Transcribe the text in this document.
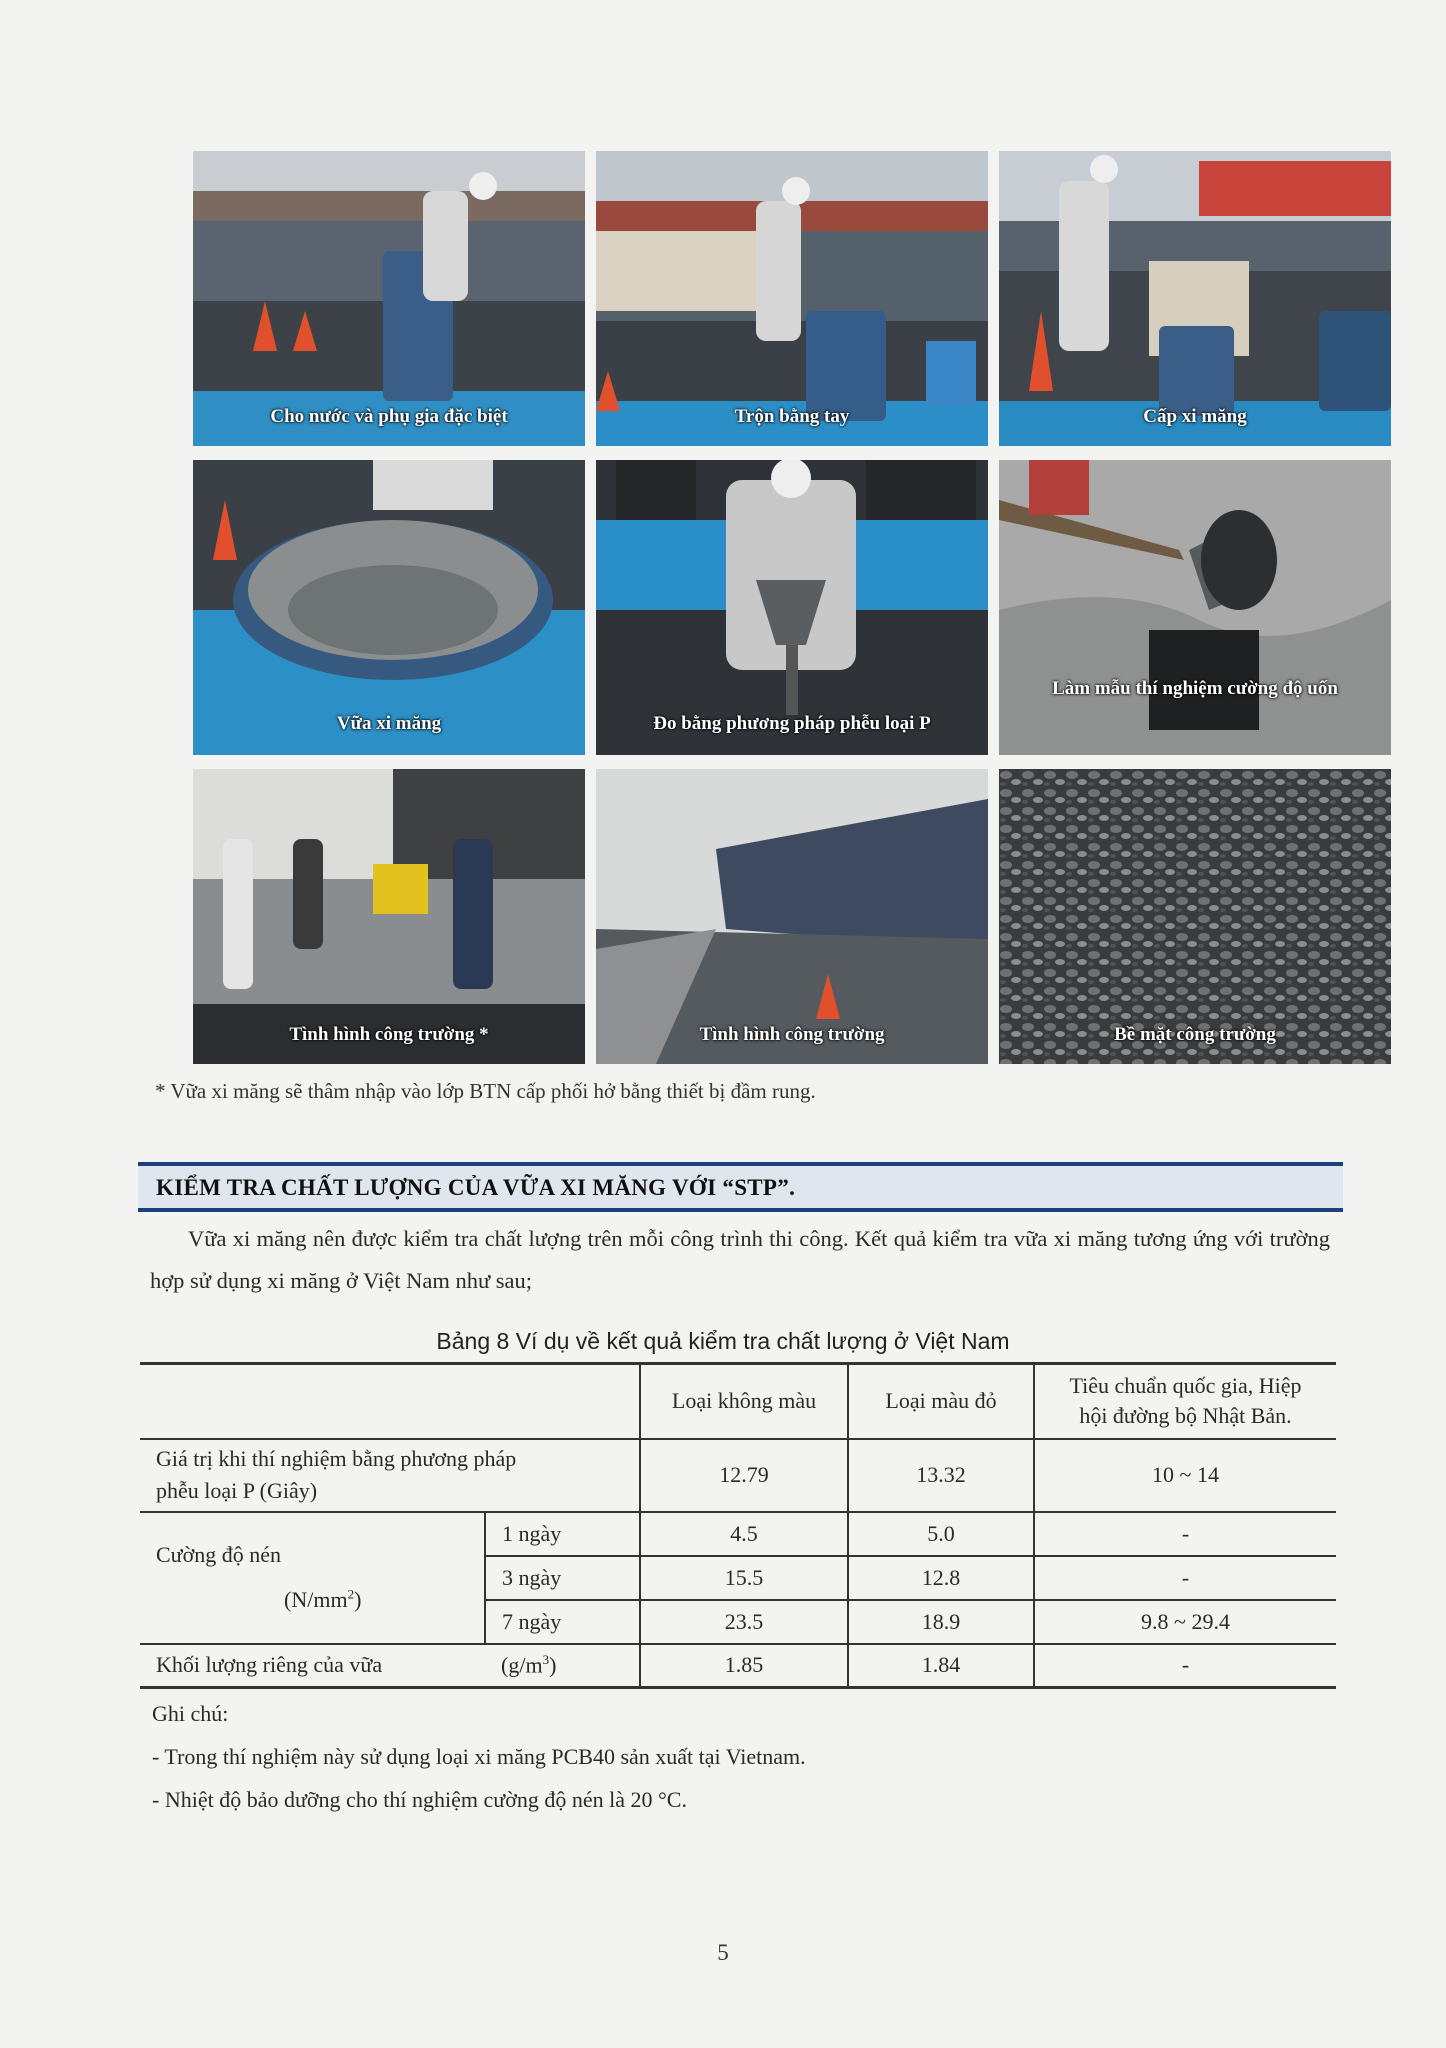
Cho nước và phụ gia đặc biệt	Trộn bằng tay	Cấp xi măng
Vữa xi măng	Đo bằng phương pháp phễu loại P
Làm mẫu thí nghiệm cường độ uốn
Tình hình công trường *	Tình hình công trường	Bề mặt công trường
* Vữa xi măng sẽ thâm nhập vào lớp BTN cấp phối hở bằng thiết bị đầm rung.
KIỂM TRA CHẤT LƯỢNG CỦA VỮA XI MĂNG VỚI “STP”.
Vữa xi măng nên được kiểm tra chất lượng trên mỗi công trình thi công. Kết quả kiểm tra vữa xi măng tương ứng với trường hợp sử dụng xi măng ở Việt Nam như sau;
Bảng 8 Ví dụ về kết quả kiểm tra chất lượng ở Việt Nam
		Loại không màu	Loại màu đỏ	Tiêu chuẩn quốc gia, Hiệp
hội đường bộ Nhật Bản.
Giá trị khi thí nghiệm bằng phương pháp
phễu loại P (Giây)		12.79	13.32	10 ~ 14
Cường độ nén
$(N/mm^2)$	1 ngày	4.5	5.0	-
	3 ngày	15.5	12.8	-
	7 ngày	23.5	18.9	9.8 ~ 29.4
Khối lượng riêng của vữa	$(g/m^3)$	1.85	1.84	-
Ghi chú:
- Trong thí nghiệm này sử dụng loại xi măng PCB40 sản xuất tại Vietnam.
- Nhiệt độ bảo dưỡng cho thí nghiệm cường độ nén là 20 °C.
5
